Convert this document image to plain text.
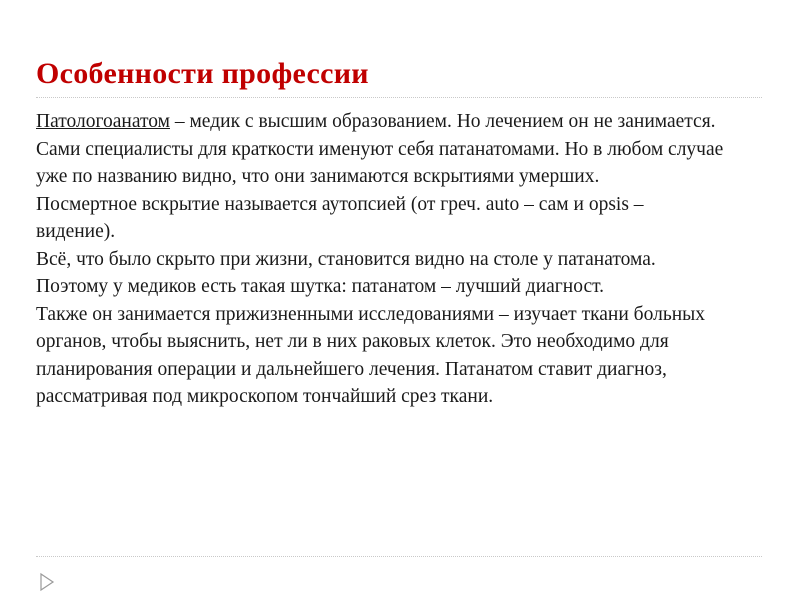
Особенности профессии

Патологоанатом – медик с высшим образованием. Но лечением он не занимается.

Сами специалисты для краткости именуют себя патанатомами. Но в любом случае уже по названию видно, что они занимаются вскрытиями умерших.

Посмертное вскрытие называется аутопсией (от греч. auto – сам и opsis – видение).

Всё, что было скрыто при жизни, становится видно на столе у патанатома. Поэтому у медиков есть такая шутка: патанатом – лучший диагност.

Также он занимается прижизненными исследованиями – изучает ткани больных органов, чтобы выяснить, нет ли в них раковых клеток. Это необходимо для планирования операции и дальнейшего лечения. Патанатом ставит диагноз, рассматривая под микроскопом тончайший срез ткани.
